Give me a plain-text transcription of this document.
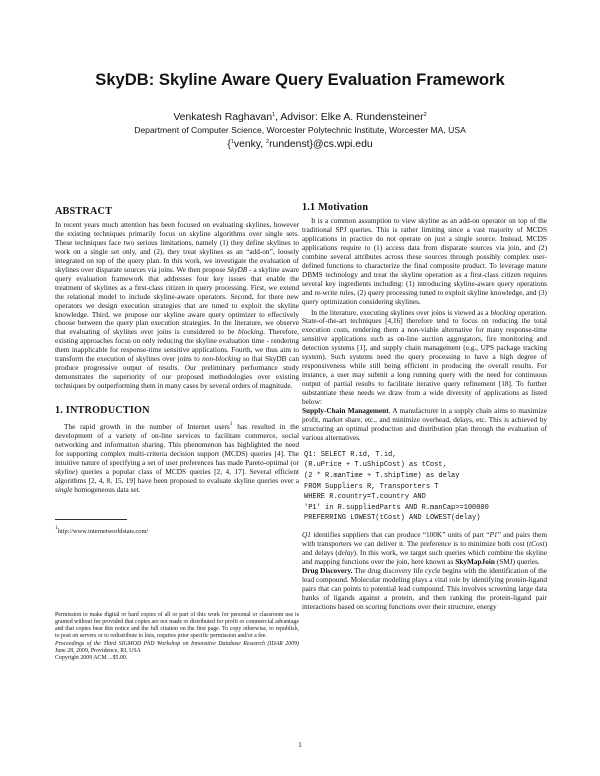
SkyDB: Skyline Aware Query Evaluation Framework
Venkatesh Raghavan$^1$, Advisor: Elke A. Rundensteiner$^2$
Department of Computer Science, Worcester Polytechnic Institute, Worcester MA, USA
{$^1$venky, $^2$rundenst}@cs.wpi.edu
ABSTRACT

In recent years much attention has been focused on evaluating skylines, however the existing techniques primarily focus on skyline algorithms over single sets. These techniques face two serious limitations, namely (1) they define skylines to work on a single set only, and (2), they treat skylines as an “add-on”, loosely integrated on top of the query plan. In this work, we investigate the evaluation of skylines over disparate sources via joins. We then propose SkyDB - a skyline aware query evaluation framework that addresses four key issues that enable the treatment of skylines as a first-class citizen in query processing. First, we extend the relational model to include skyline-aware operators. Second, for there new operators we design execution strategies that are tuned to exploit the skyline knowledge. Third, we propose our skyline aware query optimizer to effectively choose between the query plan execution strategies. In the literature, we observe that evaluating of skylines over joins is considered to be blocking. Therefore, existing approaches focus on only reducing the skyline evaluation time - rendering them inapplicable for response-time sensitive applications. Fourth, we thus aim to transform the execution of skylines over joins to non-blocking so that SkyDB can produce progressive output of results. Our preliminary performance study demonstrates the superiority of our proposed methodologies over existing techniques by outperforming them in many cases by several orders of magnitude.

1. INTRODUCTION

The rapid growth in the number of Internet users$^1$ has resulted in the development of a variety of on-line services to facilitate commerce, social networking and information sharing. This phenomenon has highlighted the need for supporting complex multi-criteria decision support (MCDS) queries [4]. The intuitive nature of specifying a set of user preferences has made Pareto-optimal (or skyline) queries a popular class of MCDS queries [2, 4, 17]. Several efficient algorithms [2, 4, 8, 15, 19] have been proposed to evaluate skyline queries over a single homogeneous data set.

$^1$http://www.internetworldstats.com/

Permission to make digital or hard copies of all or part of this work for personal or classroom use is granted without fee provided that copies are not made or distributed for profit or commercial advantage and that copies bear this notice and the full citation on the first page. To copy otherwise, to republish, to post on servers or to redistribute to lists, requires prior specific permission and/or a fee.
Proceedings of the Third SIGMOD PhD Workshop on Innovative Database Research (IDAR 2009) June 28, 2009, Providence, RI, USA
Copyright 2009 ACM ...$5.00.

1.1 Motivation

It is a common assumption to view skyline as an add-on operator on top of the traditional SPJ queries. This is rather limiting since a vast majority of MCDS applications in practice do not operate on just a single source. Instead, MCDS applications require to (1) access data from disparate sources via join, and (2) combine several attributes across these sources through possibly complex user-defined functions to characterize the final composite product. To leverage mature DBMS technology and treat the skyline operation as a first-class citizen requires several key ingredients including: (1) introducing skyline-aware query operations and re-write rules, (2) query processing tuned to exploit skyline knowledge, and (3) query optimization considering skylines.

In the literature, executing skylines over joins is viewed as a blocking operation. State-of-the-art techniques [4,16] therefore tend to focus on reducing the total execution costs, rendering them a non-viable alternative for many response-time sensitive applications such as on-line auction aggregators, fire monitoring and detection systems [1], and supply chain management (e.g., UPS package tracking system). Such systems need the query processing to have a high degree of responsiveness while still being efficient in producing the overall results. For instance, a user may submit a long running query with the need for continuous output of partial results to facilitate iterative query refinement [18]. To further substantiate these needs we draw from a wide diversity of applications as listed below:
Supply-Chain Management. A manufacturer in a supply chain aims to maximize profit, market share, etc., and minimize overhead, delays, etc. This is achieved by structuring an optimal production and distribution plan through the evaluation of various alternatives.

Q1: SELECT R.id, T.id,
(R.uPrice + T.uShipCost) as tCost,
(2 * R.manTime + T.shipTime) as delay
FROM Suppliers R, Transporters T
WHERE R.country=T.country AND
'P1' in R.suppliedParts AND R.manCap>=100000
PREFERRING LOWEST(tCost) AND LOWEST(delay)

Q1 identifies suppliers that can produce “100K” units of part “P1” and pairs them with transporters we can deliver it. The preference is to minimize both cost (tCost) and delays (delay). In this work, we target such queries which combine the skyline and mapping functions over the join, here known as SkyMapJoin (SMJ) queries.
Drug Discovery. The drug discovery life cycle begins with the identification of the lead compound. Molecular modeling plays a vital role by identifying protein-ligand pairs that can points to potential lead compound. This involves screening large data banks of ligands against a protein, and then ranking the protein-ligand pair interactions based on scoring functions over their structure, energy

1
